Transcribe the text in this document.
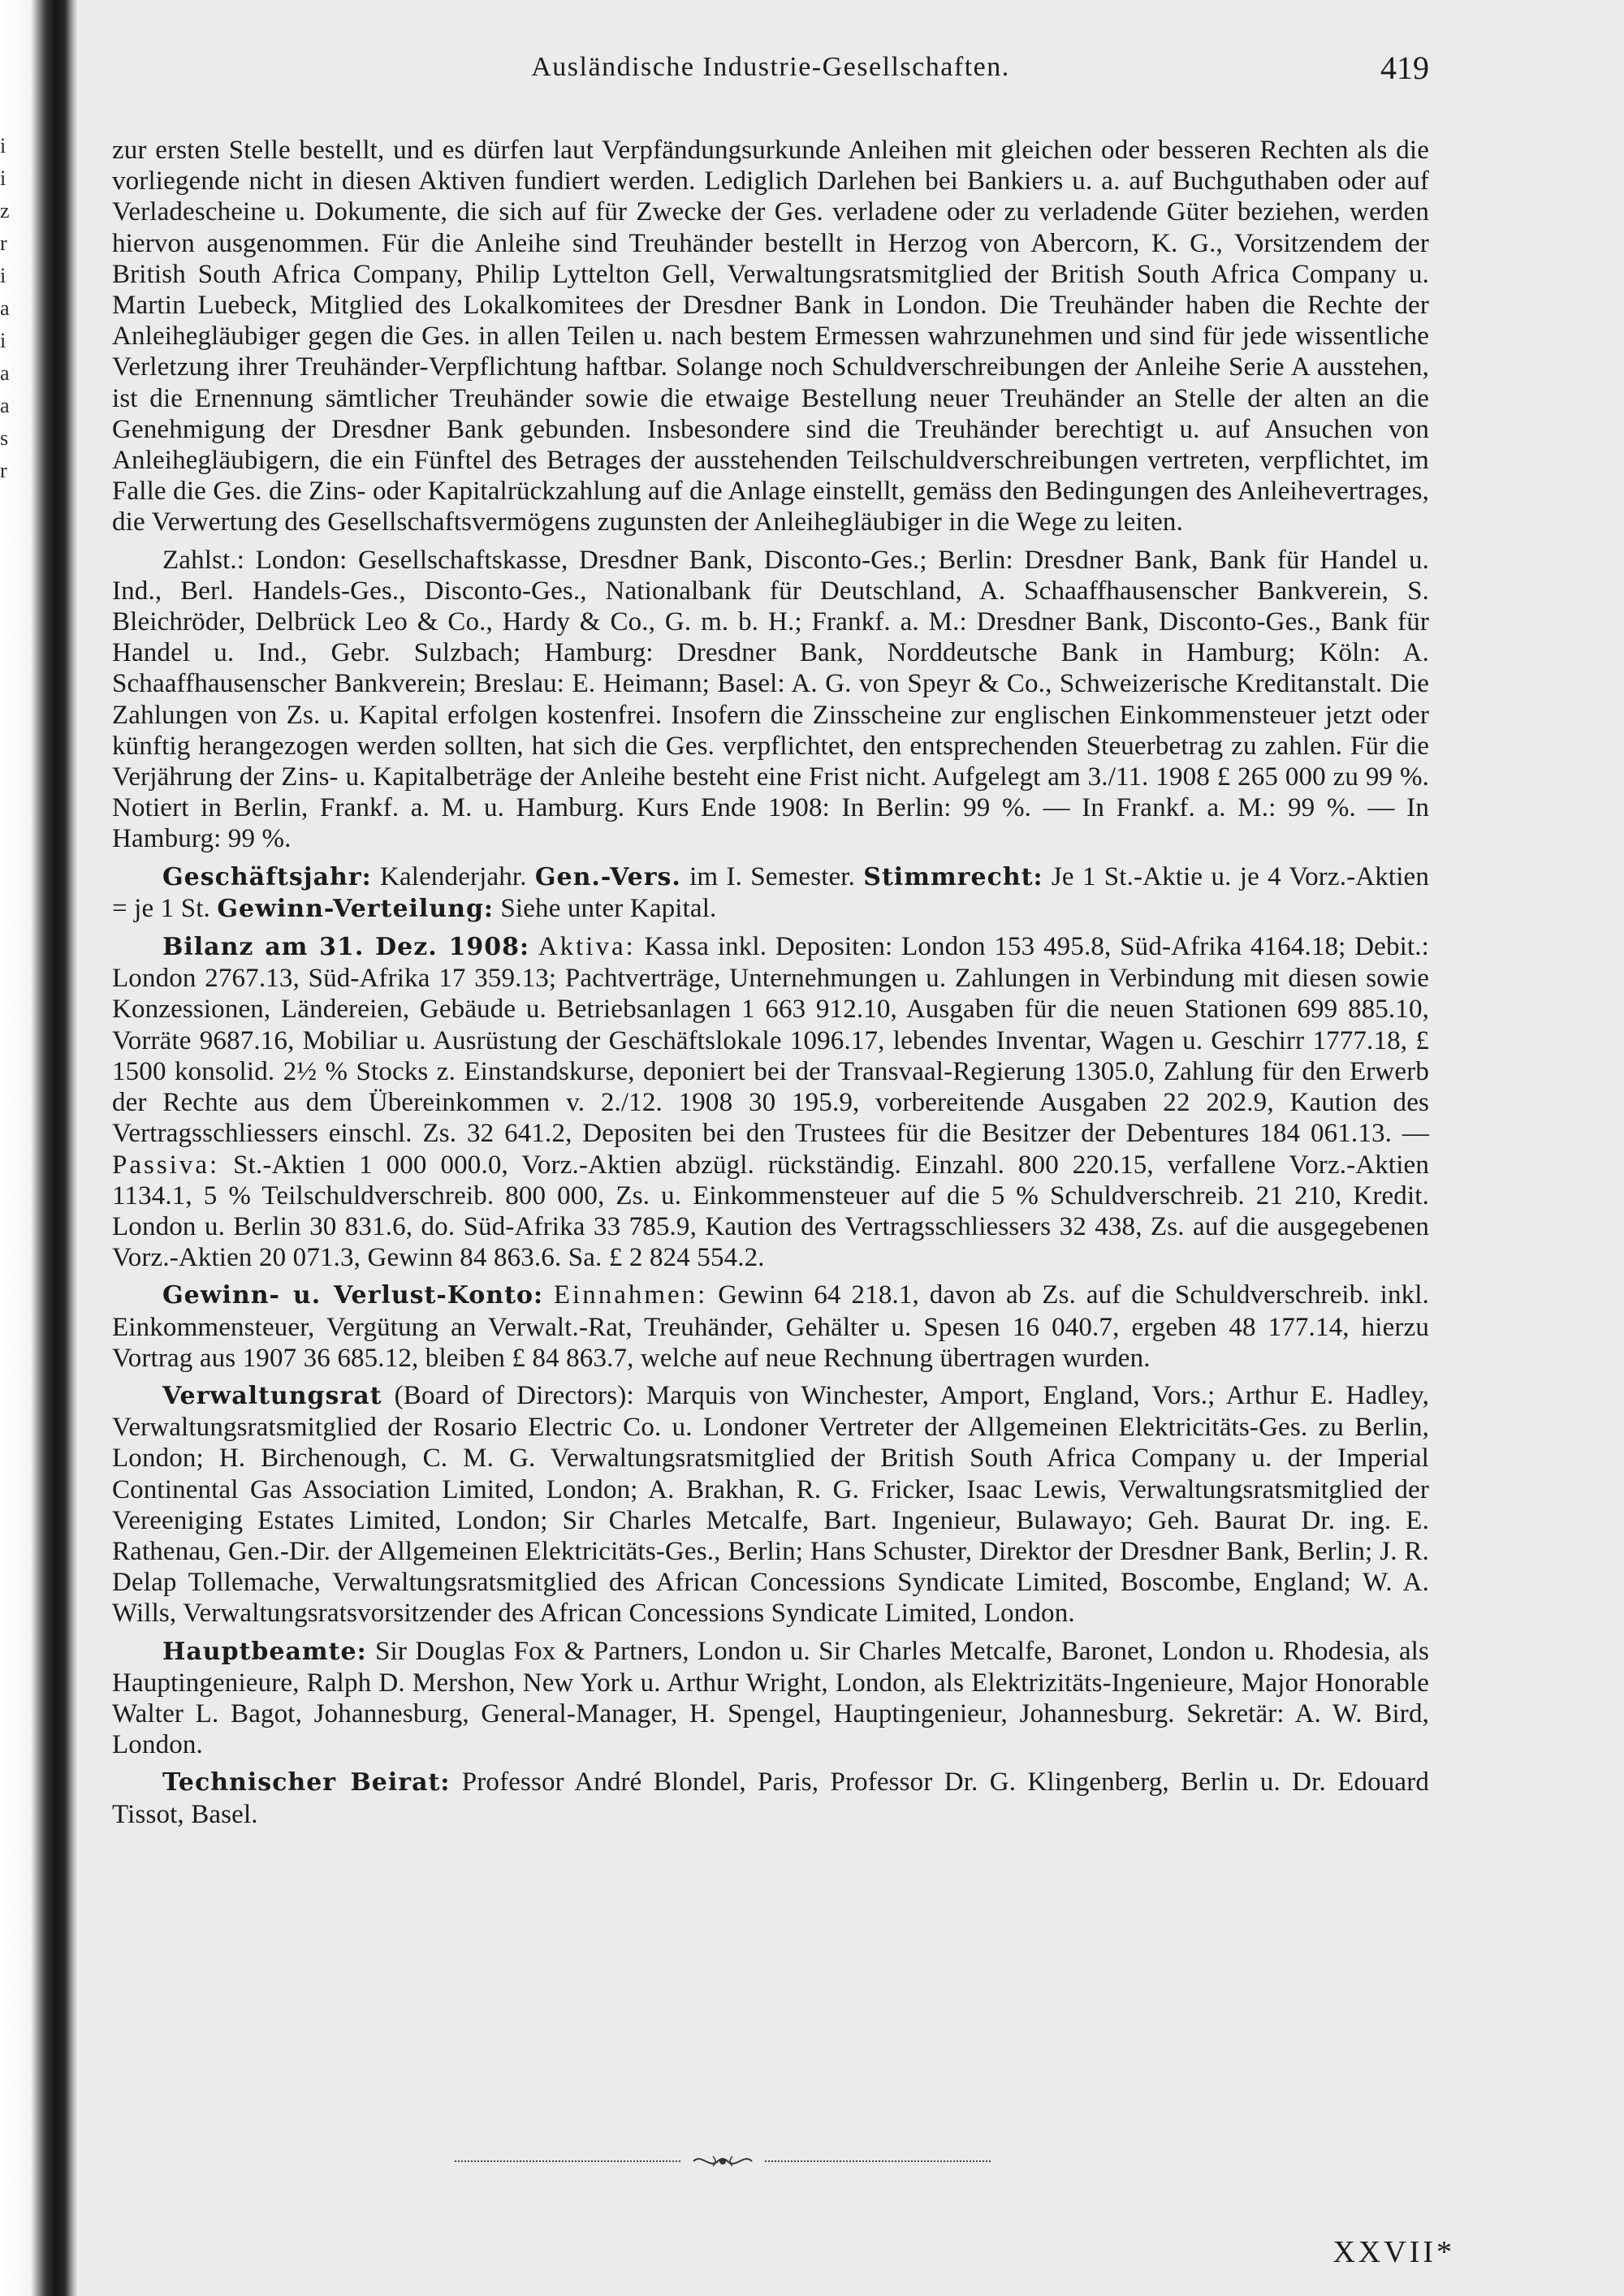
i
i
z
r
i
a
i
a
a
s
r
Ausländische Industrie-Gesellschaften.	419

zur ersten Stelle bestellt, und es dürfen laut Verpfändungsurkunde Anleihen mit gleichen oder besseren Rechten als die vorliegende nicht in diesen Aktiven fundiert werden. Lediglich Darlehen bei Bankiers u. a. auf Buchguthaben oder auf Verladescheine u. Dokumente, die sich auf für Zwecke der Ges. verladene oder zu verladende Güter beziehen, werden hiervon ausgenommen. Für die Anleihe sind Treuhänder bestellt in Herzog von Abercorn, K. G., Vorsitzendem der British South Africa Company, Philip Lyttelton Gell, Verwaltungsratsmitglied der British South Africa Company u. Martin Luebeck, Mitglied des Lokalkomitees der Dresdner Bank in London. Die Treuhänder haben die Rechte der Anleihegläubiger gegen die Ges. in allen Teilen u. nach bestem Ermessen wahrzunehmen und sind für jede wissentliche Verletzung ihrer Treuhänder-Verpflichtung haftbar. Solange noch Schuldverschreibungen der Anleihe Serie A ausstehen, ist die Ernennung sämtlicher Treuhänder sowie die etwaige Bestellung neuer Treuhänder an Stelle der alten an die Genehmigung der Dresdner Bank gebunden. Insbesondere sind die Treuhänder berechtigt u. auf Ansuchen von Anleihegläubigern, die ein Fünftel des Betrages der ausstehenden Teilschuldverschreibungen vertreten, verpflichtet, im Falle die Ges. die Zins- oder Kapitalrückzahlung auf die Anlage einstellt, gemäss den Bedingungen des Anleihevertrages, die Verwertung des Gesellschaftsvermögens zugunsten der Anleihegläubiger in die Wege zu leiten.

Zahlst.: London: Gesellschaftskasse, Dresdner Bank, Disconto-Ges.; Berlin: Dresdner Bank, Bank für Handel u. Ind., Berl. Handels-Ges., Disconto-Ges., Nationalbank für Deutschland, A. Schaaffhausenscher Bankverein, S. Bleichröder, Delbrück Leo & Co., Hardy & Co., G. m. b. H.; Frankf. a. M.: Dresdner Bank, Disconto-Ges., Bank für Handel u. Ind., Gebr. Sulzbach; Hamburg: Dresdner Bank, Norddeutsche Bank in Hamburg; Köln: A. Schaaffhausenscher Bankverein; Breslau: E. Heimann; Basel: A. G. von Speyr & Co., Schweizerische Kreditanstalt. Die Zahlungen von Zs. u. Kapital erfolgen kostenfrei. Insofern die Zinsscheine zur englischen Einkommensteuer jetzt oder künftig herangezogen werden sollten, hat sich die Ges. verpflichtet, den entsprechenden Steuerbetrag zu zahlen. Für die Verjährung der Zins- u. Kapitalbeträge der Anleihe besteht eine Frist nicht. Aufgelegt am 3./11. 1908 £ 265 000 zu 99 %. Notiert in Berlin, Frankf. a. M. u. Hamburg. Kurs Ende 1908: In Berlin: 99 %. — In Frankf. a. M.: 99 %. — In Hamburg: 99 %.

Geschäftsjahr: Kalenderjahr. Gen.-Vers. im I. Semester. Stimmrecht: Je 1 St.-Aktie u. je 4 Vorz.-Aktien = je 1 St. Gewinn-Verteilung: Siehe unter Kapital.

Bilanz am 31. Dez. 1908: Aktiva: Kassa inkl. Depositen: London 153 495.8, Süd-Afrika 4164.18; Debit.: London 2767.13, Süd-Afrika 17 359.13; Pachtverträge, Unternehmungen u. Zahlungen in Verbindung mit diesen sowie Konzessionen, Ländereien, Gebäude u. Betriebsanlagen 1 663 912.10, Ausgaben für die neuen Stationen 699 885.10, Vorräte 9687.16, Mobiliar u. Ausrüstung der Geschäftslokale 1096.17, lebendes Inventar, Wagen u. Geschirr 1777.18, £ 1500 konsolid. 2½ % Stocks z. Einstandskurse, deponiert bei der Transvaal-Regierung 1305.0, Zahlung für den Erwerb der Rechte aus dem Übereinkommen v. 2./12. 1908 30 195.9, vorbereitende Ausgaben 22 202.9, Kaution des Vertragsschliessers einschl. Zs. 32 641.2, Depositen bei den Trustees für die Besitzer der Debentures 184 061.13. — Passiva: St.-Aktien 1 000 000.0, Vorz.-Aktien abzügl. rückständig. Einzahl. 800 220.15, verfallene Vorz.-Aktien 1134.1, 5 % Teilschuldverschreib. 800 000, Zs. u. Einkommensteuer auf die 5 % Schuldverschreib. 21 210, Kredit. London u. Berlin 30 831.6, do. Süd-Afrika 33 785.9, Kaution des Vertragsschliessers 32 438, Zs. auf die ausgegebenen Vorz.-Aktien 20 071.3, Gewinn 84 863.6. Sa. £ 2 824 554.2.

Gewinn- u. Verlust-Konto: Einnahmen: Gewinn 64 218.1, davon ab Zs. auf die Schuldverschreib. inkl. Einkommensteuer, Vergütung an Verwalt.-Rat, Treuhänder, Gehälter u. Spesen 16 040.7, ergeben 48 177.14, hierzu Vortrag aus 1907 36 685.12, bleiben £ 84 863.7, welche auf neue Rechnung übertragen wurden.

Verwaltungsrat (Board of Directors): Marquis von Winchester, Amport, England, Vors.; Arthur E. Hadley, Verwaltungsratsmitglied der Rosario Electric Co. u. Londoner Vertreter der Allgemeinen Elektricitäts-Ges. zu Berlin, London; H. Birchenough, C. M. G. Verwaltungsratsmitglied der British South Africa Company u. der Imperial Continental Gas Association Limited, London; A. Brakhan, R. G. Fricker, Isaac Lewis, Verwaltungsratsmitglied der Vereeniging Estates Limited, London; Sir Charles Metcalfe, Bart. Ingenieur, Bulawayo; Geh. Baurat Dr. ing. E. Rathenau, Gen.-Dir. der Allgemeinen Elektricitäts-Ges., Berlin; Hans Schuster, Direktor der Dresdner Bank, Berlin; J. R. Delap Tollemache, Verwaltungsratsmitglied des African Concessions Syndicate Limited, Boscombe, England; W. A. Wills, Verwaltungsratsvorsitzender des African Concessions Syndicate Limited, London.

Hauptbeamte: Sir Douglas Fox & Partners, London u. Sir Charles Metcalfe, Baronet, London u. Rhodesia, als Hauptingenieure, Ralph D. Mershon, New York u. Arthur Wright, London, als Elektrizitäts-Ingenieure, Major Honorable Walter L. Bagot, Johannesburg, General-Manager, H. Spengel, Hauptingenieur, Johannesburg. Sekretär: A. W. Bird, London.

Technischer Beirat: Professor André Blondel, Paris, Professor Dr. G. Klingenberg, Berlin u. Dr. Edouard Tissot, Basel.

XXVII*
